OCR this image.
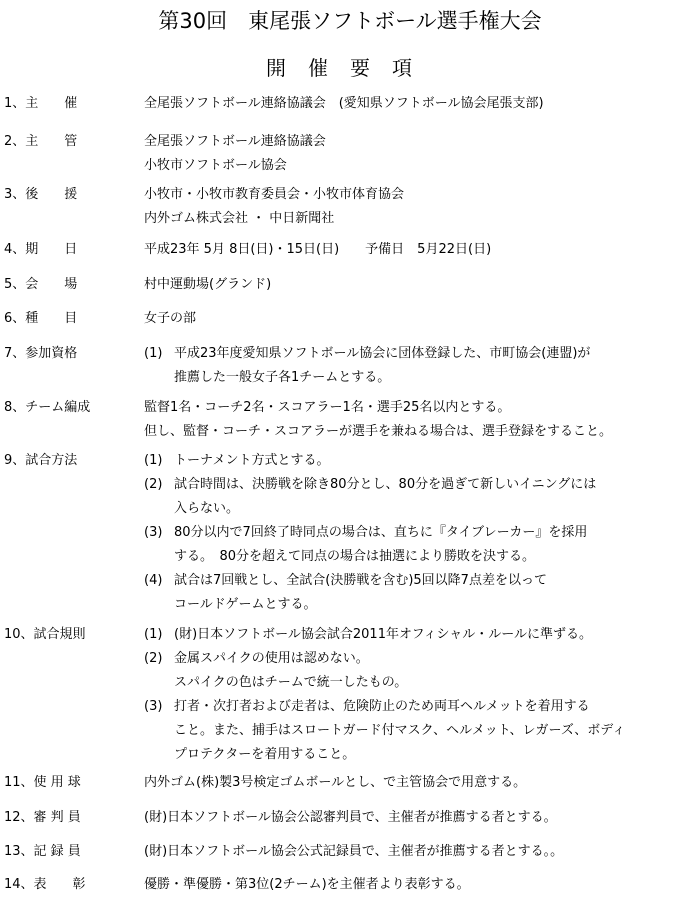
第30回　東尾張ソフトボール選手権大会
開催要項
1、主　　催	全尾張ソフトボール連絡協議会　(愛知県ソフトボール協会尾張支部)
2、主　　管	全尾張ソフトボール連絡協議会
小牧市ソフトボール協会
3、後　　援	小牧市・小牧市教育委員会・小牧市体育協会
内外ゴム株式会社 ・ 中日新聞社
4、期　　日	平成23年 5月 8日(日)・15日(日)　　予備日　5月22日(日)
5、会　　場	村中運動場(グランド)
6、種　　目	女子の部
7、参加資格	(1) 平成23年度愛知県ソフトボール協会に団体登録した、市町協会(連盟)が
推薦した一般女子各1チームとする。
8、チーム編成	監督1名・コーチ2名・スコアラー1名・選手25名以内とする。
但し、監督・コーチ・スコアラーが選手を兼ねる場合は、選手登録をすること。
9、試合方法	(1) トーナメント方式とする。
(2) 試合時間は、決勝戦を除き80分とし、80分を過ぎて新しいイニングには
入らない。
(3) 80分以内で7回終了時同点の場合は、直ちに『タイブレーカー』を採用
する。　80分を超えて同点の場合は抽選により勝敗を決する。
(4) 試合は7回戦とし、全試合(決勝戦を含む)5回以降7点差を以って
コールドゲームとする。
10、試合規則	(1) (財)日本ソフトボール協会試合2011年オフィシャル・ルールに準ずる。
(2) 金属スパイクの使用は認めない。
スパイクの色はチームで統一したもの。
(3) 打者・次打者および走者は、危険防止のため両耳ヘルメットを着用する
こと。また、捕手はスロートガード付マスク、ヘルメット、レガーズ、ボディ
プロテクターを着用すること。
11、使 用 球	内外ゴム(株)製3号検定ゴムボールとし、で主管協会で用意する。
12、審 判 員	(財)日本ソフトボール協会公認審判員で、主催者が推薦する者とする。
13、記 録 員	(財)日本ソフトボール協会公式記録員で、主催者が推薦する者とする。。
14、表　　彰	優勝・準優勝・第3位(2チーム)を主催者より表彰する。
